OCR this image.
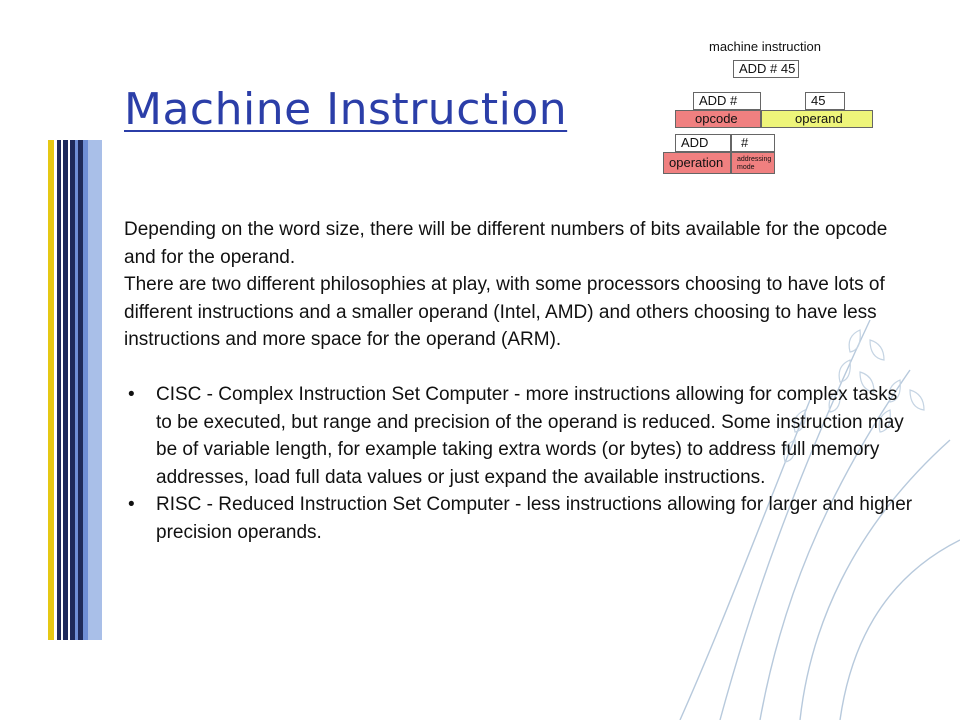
Machine Instruction
machine instruction
ADD # 45
ADD #	45
opcode	operand
ADD	#
operation	addressing mode

Depending on the word size, there will be different numbers of bits available for the opcode and for the operand.

There are two different philosophies at play, with some processors choosing to have lots of different instructions and a smaller operand (Intel, AMD) and others choosing to have less instructions and more space for the operand (ARM).

• CISC - Complex Instruction Set Computer - more instructions allowing for complex tasks to be executed, but range and precision of the operand is reduced. Some instruction may be of variable length, for example taking extra words (or bytes) to address full memory addresses, load full data values or just expand the available instructions.
• RISC - Reduced Instruction Set Computer - less instructions allowing for larger and higher precision operands.
